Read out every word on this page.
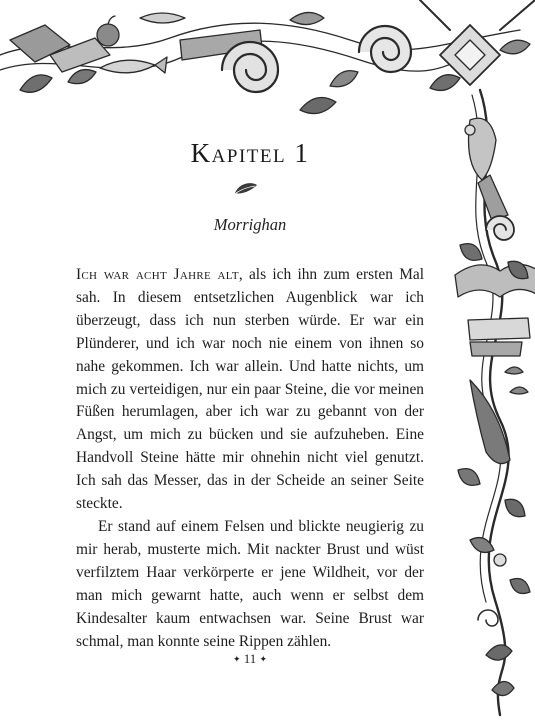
Kapitel 1
Morrighan

Ich war acht Jahre alt, als ich ihn zum ersten Mal sah. In diesem entsetzlichen Augenblick war ich überzeugt, dass ich nun sterben würde. Er war ein Plünderer, und ich war noch nie einem von ihnen so nahe gekommen. Ich war allein. Und hatte nichts, um mich zu verteidigen, nur ein paar Steine, die vor meinen Füßen herumlagen, aber ich war zu gebannt von der Angst, um mich zu bücken und sie aufzuheben. Eine Handvoll Steine hätte mir ohnehin nicht viel genutzt. Ich sah das Messer, das in der Scheide an seiner Seite steckte.

Er stand auf einem Felsen und blickte neugierig zu mir herab, musterte mich. Mit nackter Brust und wüst verfilztem Haar verkörperte er jene Wildheit, vor der man mich gewarnt hatte, auch wenn er selbst dem Kindesalter kaum entwachsen war. Seine Brust war schmal, man konnte seine Rippen zählen.

✦ 11 ✦
